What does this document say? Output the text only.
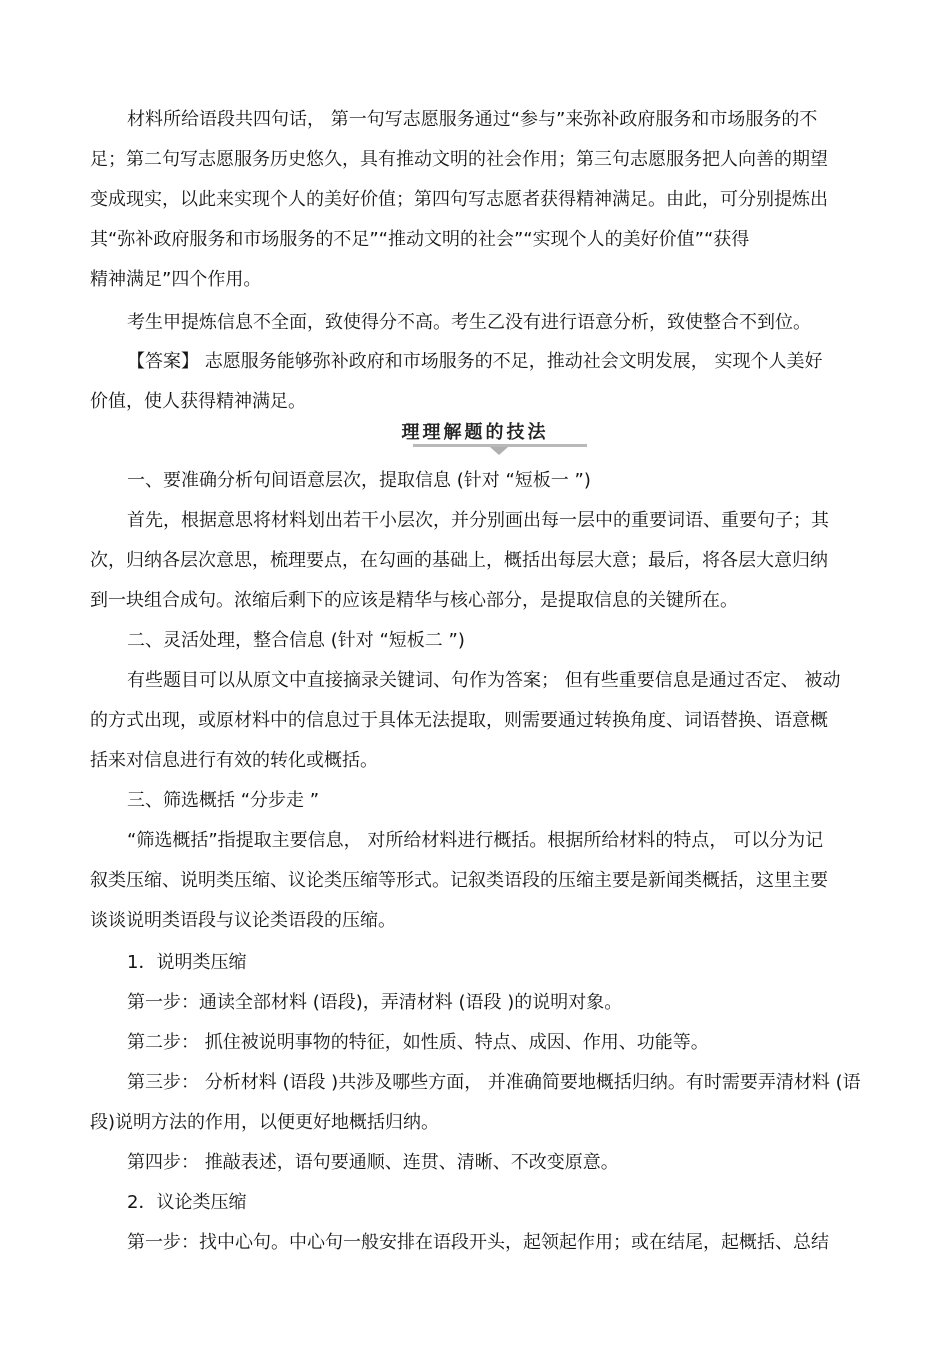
材料所给语段共四句话， 第一句写志愿服务通过“参与”来弥补政府服务和市场服务的不
足；第二句写志愿服务历史悠久，具有推动文明的社会作用；第三句志愿服务把人向善的期望
变成现实，以此来实现个人的美好价值；第四句写志愿者获得精神满足。由此，可分别提炼出
其“弥补政府服务和市场服务的不足”“推动文明的社会”“实现个人的美好价值”“获得
精神满足”四个作用。
考生甲提炼信息不全面，致使得分不高。考生乙没有进行语意分析，致使整合不到位。
【答案】 志愿服务能够弥补政府和市场服务的不足，推动社会文明发展， 实现个人美好
价值，使人获得精神满足。
理理解题的技法
一、要准确分析句间语意层次，提取信息 (针对 “短板一 ”)
首先，根据意思将材料划出若干小层次，并分别画出每一层中的重要词语、重要句子；其
次，归纳各层次意思，梳理要点，在勾画的基础上，概括出每层大意；最后，将各层大意归纳
到一块组合成句。浓缩后剩下的应该是精华与核心部分，是提取信息的关键所在。
二、灵活处理，整合信息 (针对 “短板二 ”)
有些题目可以从原文中直接摘录关键词、句作为答案； 但有些重要信息是通过否定、 被动
的方式出现，或原材料中的信息过于具体无法提取，则需要通过转换角度、词语替换、语意概
括来对信息进行有效的转化或概括。
三、筛选概括 “分步走 ”
“筛选概括”指提取主要信息， 对所给材料进行概括。根据所给材料的特点， 可以分为记
叙类压缩、说明类压缩、议论类压缩等形式。记叙类语段的压缩主要是新闻类概括，这里主要
谈谈说明类语段与议论类语段的压缩。
1．说明类压缩
第一步：通读全部材料 (语段)，弄清材料 (语段 )的说明对象。
第二步： 抓住被说明事物的特征，如性质、特点、成因、作用、功能等。
第三步： 分析材料 (语段 )共涉及哪些方面， 并准确简要地概括归纳。有时需要弄清材料 (语
段)说明方法的作用，以便更好地概括归纳。
第四步： 推敲表述，语句要通顺、连贯、清晰、不改变原意。
2．议论类压缩
第一步：找中心句。中心句一般安排在语段开头，起领起作用；或在结尾，起概括、总结
